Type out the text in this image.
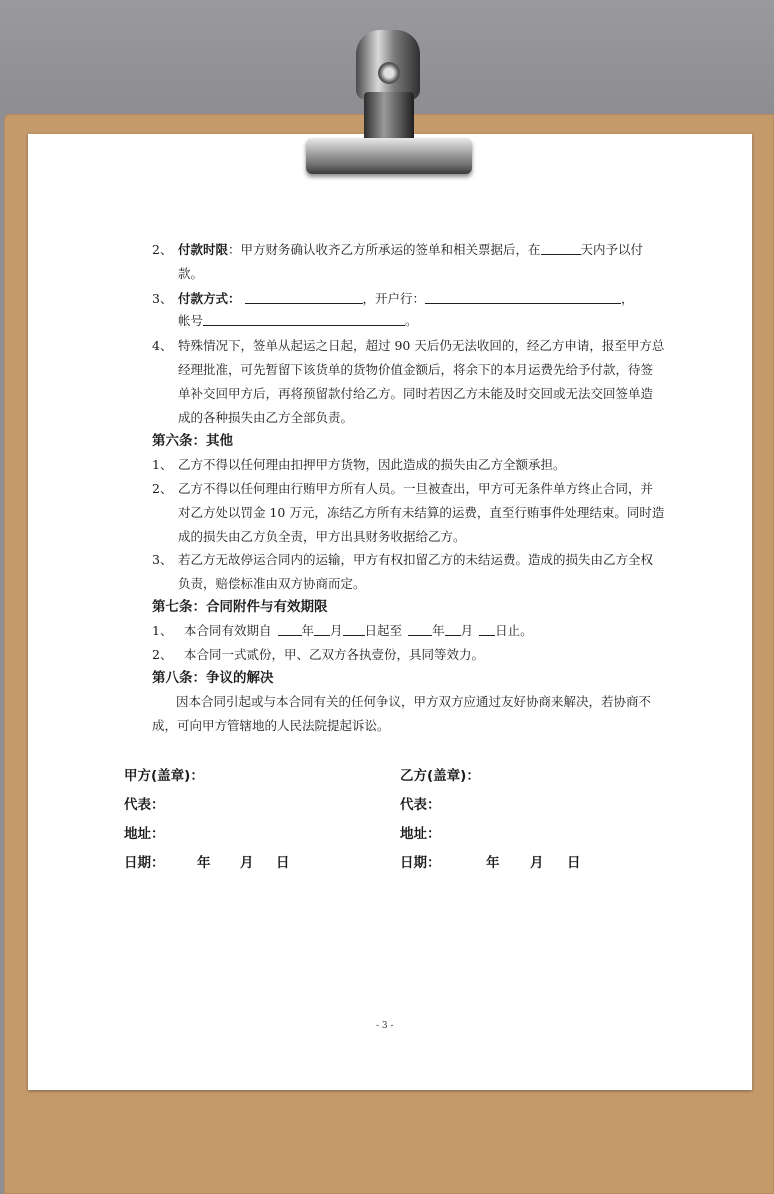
2、 付款时限：甲方财务确认收齐乙方所承运的签单和相关票据后，在	天内予以付
款。
3、 付款方式：	，开户行：	，
帐号	。
4、 特殊情况下，签单从起运之日起，超过 90 天后仍无法收回的，经乙方申请，报至甲方总
经理批准，可先暂留下该货单的货物价值金额后，将余下的本月运费先给予付款，待签
单补交回甲方后，再将预留款付给乙方。同时若因乙方未能及时交回或无法交回签单造
成的各种损失由乙方全部负责。
第六条：其他
1、 乙方不得以任何理由扣押甲方货物，因此造成的损失由乙方全额承担。
2、 乙方不得以任何理由行贿甲方所有人员。一旦被查出，甲方可无条件单方终止合同，并
对乙方处以罚金 10 万元，冻结乙方所有未结算的运费，直至行贿事件处理结束。同时造
成的损失由乙方负全责，甲方出具财务收据给乙方。
3、 若乙方无故停运合同内的运输，甲方有权扣留乙方的未结运费。造成的损失由乙方全权
负责，赔偿标准由双方协商而定。
第七条：合同附件与有效期限
1、 本合同有效期自 年 月 日起至 年 月 日止。
2、 本合同一式贰份，甲、乙双方各执壹份，具同等效力。
第八条：争议的解决
因本合同引起或与本合同有关的任何争议，甲方双方应通过友好协商来解决，若协商不
成，可向甲方管辖地的人民法院提起诉讼。
甲方(盖章)：	乙方(盖章)：
代表：	代表：
地址：	地址：
日期： 年 月 日	日期：	年 月 日
- 3 -
